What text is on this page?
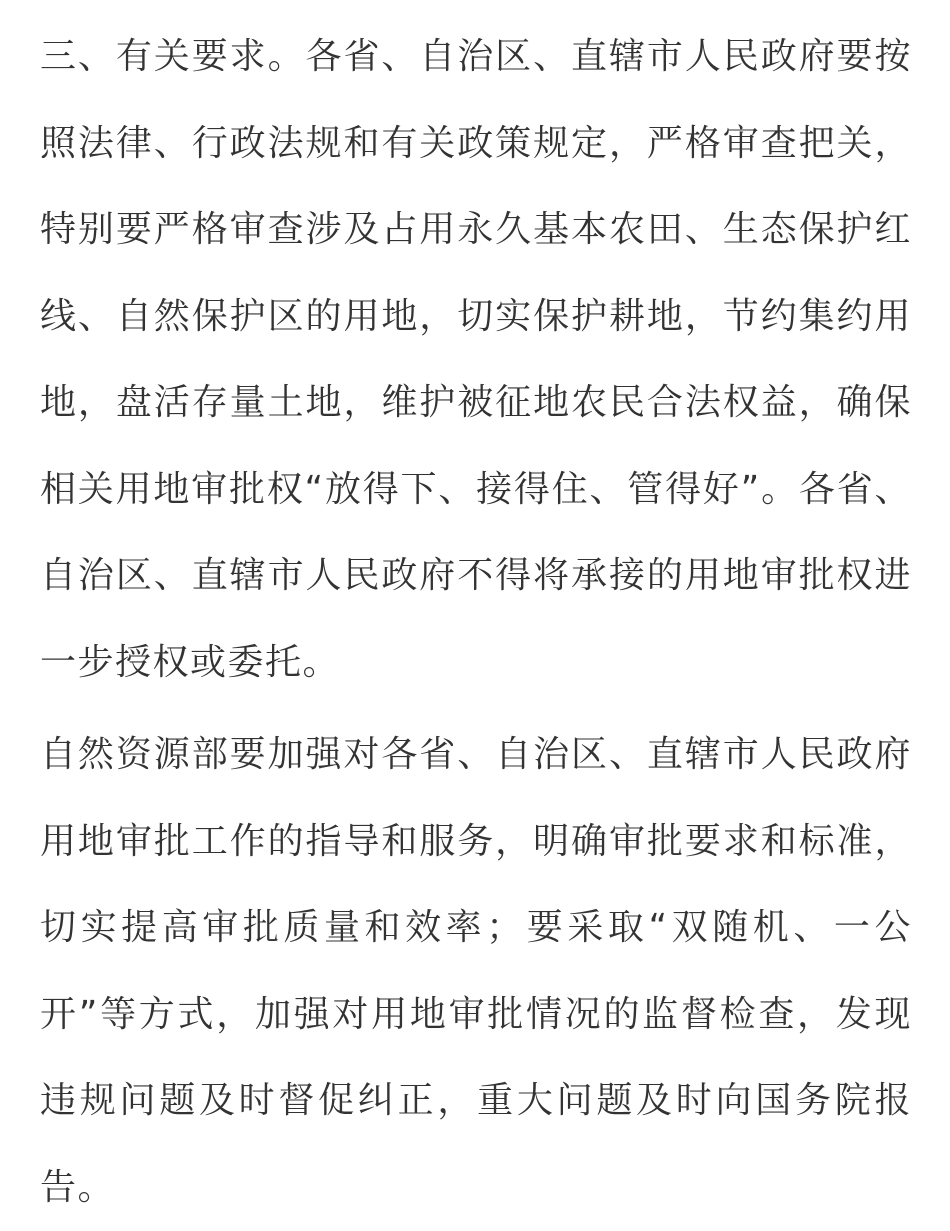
三、有关要求。各省、自治区、直辖市人民政府要按照法律、行政法规和有关政策规定，严格审查把关，特别要严格审查涉及占用永久基本农田、生态保护红线、自然保护区的用地，切实保护耕地，节约集约用地，盘活存量土地，维护被征地农民合法权益，确保相关用地审批权“放得下、接得住、管得好”。各省、自治区、直辖市人民政府不得将承接的用地审批权进一步授权或委托。

自然资源部要加强对各省、自治区、直辖市人民政府用地审批工作的指导和服务，明确审批要求和标准，切实提高审批质量和效率；要采取“双随机、一公开”等方式，加强对用地审批情况的监督检查，发现违规问题及时督促纠正，重大问题及时向国务院报告。
